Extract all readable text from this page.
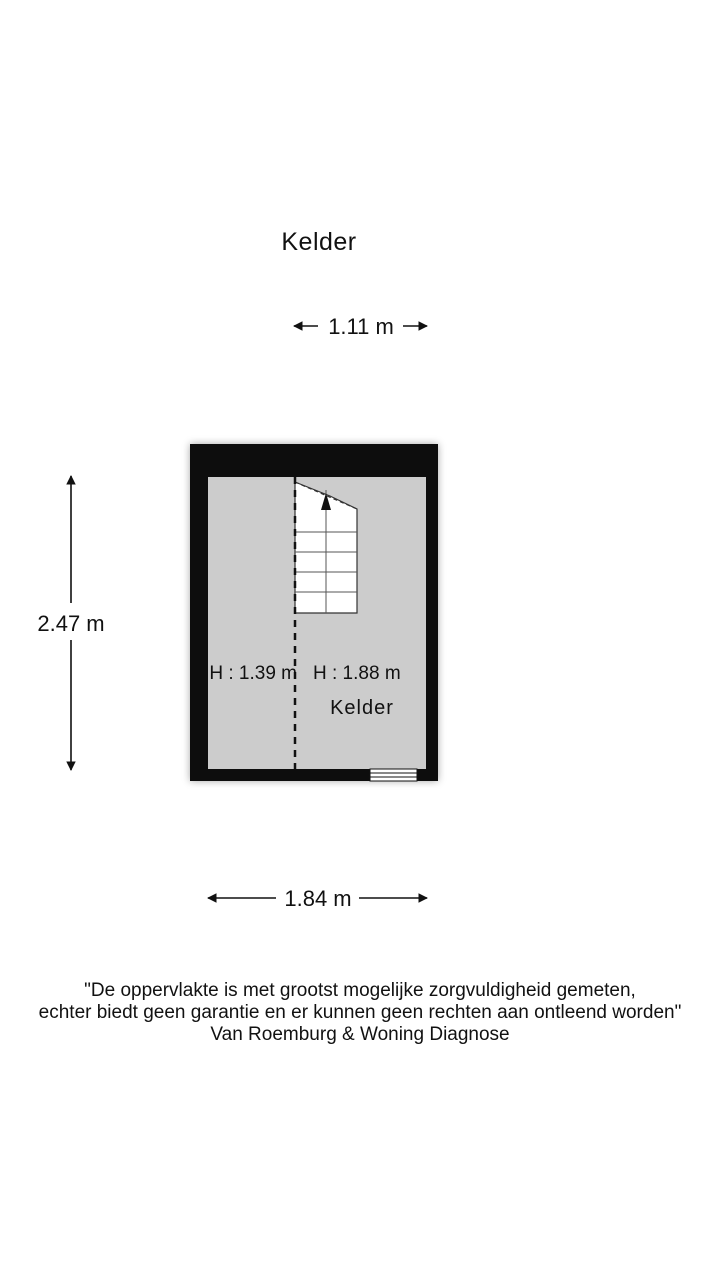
Kelder
1.11 m
2.47 m
1.84 m
H : 1.39 m H : 1.88 m
Kelder
"De oppervlakte is met grootst mogelijke zorgvuldigheid gemeten,
echter biedt geen garantie en er kunnen geen rechten aan ontleend worden"
Van Roemburg & Woning Diagnose
